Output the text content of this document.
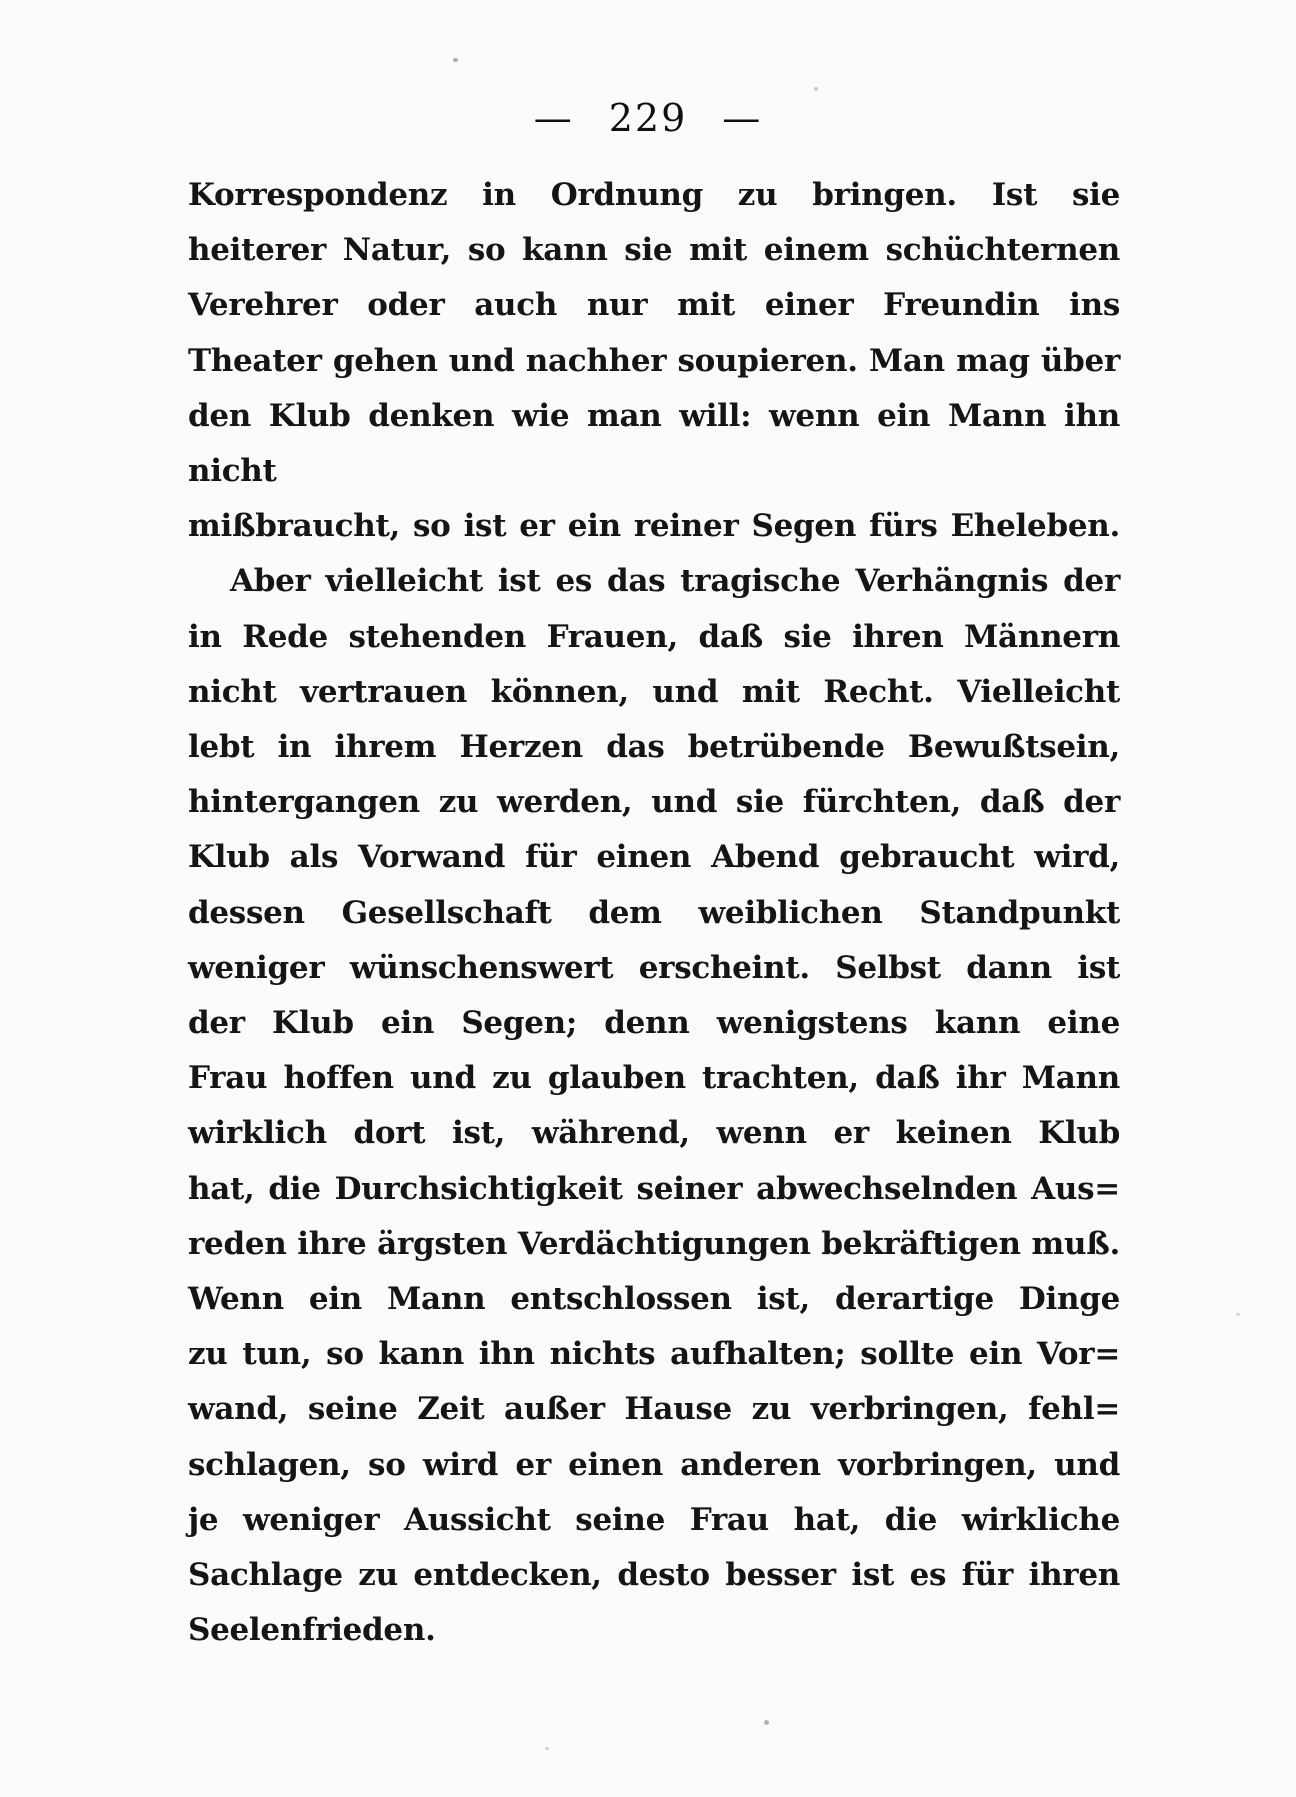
— 229 —
Korrespondenz in Ordnung zu bringen. Ist sie
heiterer Natur, so kann sie mit einem schüchternen
Verehrer oder auch nur mit einer Freundin ins
Theater gehen und nachher soupieren. Man mag über
den Klub denken wie man will: wenn ein Mann ihn nicht
mißbraucht, so ist er ein reiner Segen fürs Eheleben.
Aber vielleicht ist es das tragische Verhängnis der
in Rede stehenden Frauen, daß sie ihren Männern
nicht vertrauen können, und mit Recht. Vielleicht
lebt in ihrem Herzen das betrübende Bewußtsein,
hintergangen zu werden, und sie fürchten, daß der
Klub als Vorwand für einen Abend gebraucht wird,
dessen Gesellschaft dem weiblichen Standpunkt
weniger wünschenswert erscheint. Selbst dann ist
der Klub ein Segen; denn wenigstens kann eine
Frau hoffen und zu glauben trachten, daß ihr Mann
wirklich dort ist, während, wenn er keinen Klub
hat, die Durchsichtigkeit seiner abwechselnden Aus=
reden ihre ärgsten Verdächtigungen bekräftigen muß.
Wenn ein Mann entschlossen ist, derartige Dinge
zu tun, so kann ihn nichts aufhalten; sollte ein Vor=
wand, seine Zeit außer Hause zu verbringen, fehl=
schlagen, so wird er einen anderen vorbringen, und
je weniger Aussicht seine Frau hat, die wirkliche
Sachlage zu entdecken, desto besser ist es für ihren
Seelenfrieden.
